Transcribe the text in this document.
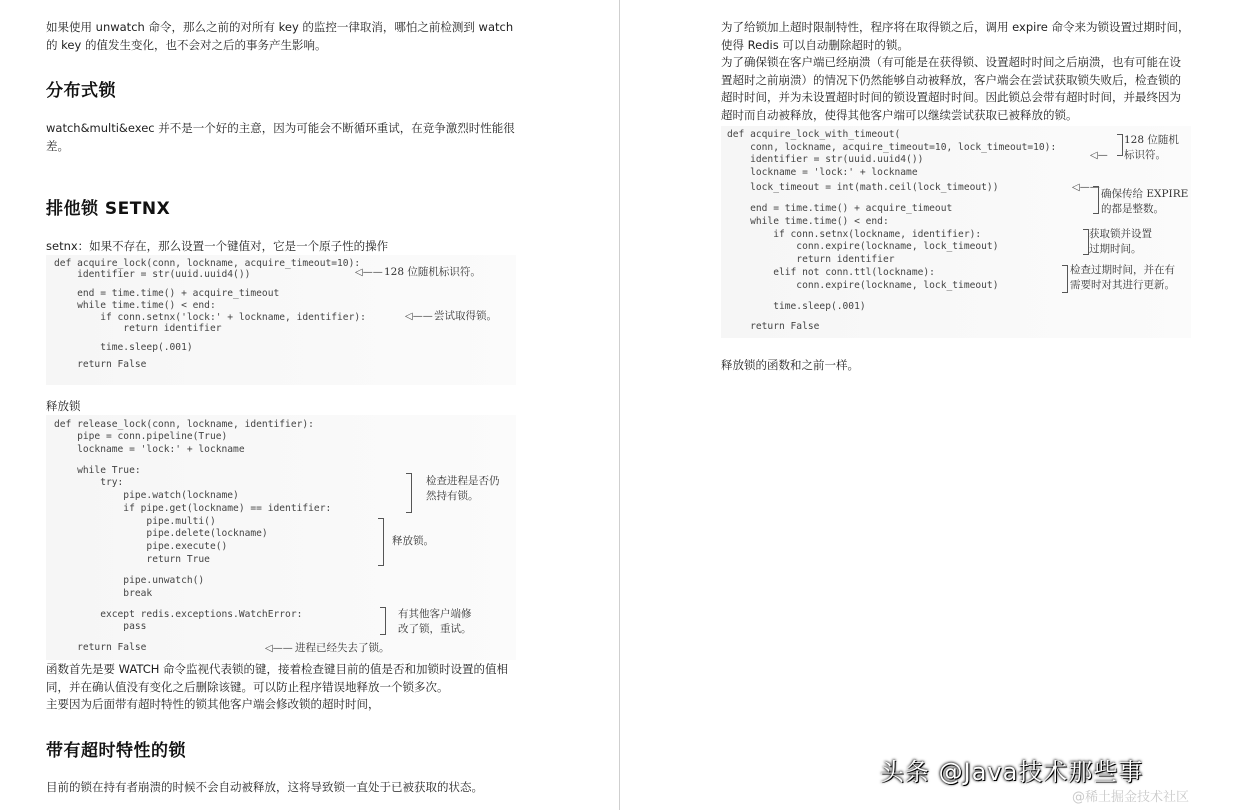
如果使用 unwatch 命令，那么之前的对所有 key 的监控一律取消，哪怕之前检测到 watch
的 key 的值发生变化，也不会对之后的事务产生影响。
分布式锁
watch&multi&exec 并不是一个好的主意，因为可能会不断循环重试，在竞争激烈时性能很
差。
排他锁 SETNX
setnx：如果不存在，那么设置一个键值对，它是一个原子性的操作

def acquire_lock(conn, lockname, acquire_timeout=10):

identifier = str(uuid.uuid4())

end = time.time() + acquire_timeout

while time.time() < end:

if conn.setnx('lock:' + lockname, identifier):

return identifier

time.sleep(.001)

return False

◁—— 128 位随机标识符。
◁—— 尝试取得锁。
释放锁

def release_lock(conn, lockname, identifier):

pipe = conn.pipeline(True)

lockname = 'lock:' + lockname

while True:

try:

pipe.watch(lockname)

if pipe.get(lockname) == identifier:

pipe.multi()

pipe.delete(lockname)

pipe.execute()

return True

pipe.unwatch()

break

except redis.exceptions.WatchError:

pass

return False

检查进程是否仍
然持有锁。
释放锁。
有其他客户端修
改了锁，重试。
◁—— 进程已经失去了锁。
函数首先是要 WATCH 命令监视代表锁的键，接着检查键目前的值是否和加锁时设置的值相
同，并在确认值没有变化之后删除该键。可以防止程序错误地释放一个锁多次。
主要因为后面带有超时特性的锁其他客户端会修改锁的超时时间，
带有超时特性的锁
目前的锁在持有者崩溃的时候不会自动被释放，这将导致锁一直处于已被获取的状态。
为了给锁加上超时限制特性，程序将在取得锁之后，调用 expire 命令来为锁设置过期时间，
使得 Redis 可以自动删除超时的锁。
为了确保锁在客户端已经崩溃（有可能是在获得锁、设置超时时间之后崩溃，也有可能在设
置超时之前崩溃）的情况下仍然能够自动被释放，客户端会在尝试获取锁失败后，检查锁的
超时时间，并为未设置超时时间的锁设置超时时间。因此锁总会带有超时时间，并最终因为
超时而自动被释放，使得其他客户端可以继续尝试获取已被释放的锁。

def acquire_lock_with_timeout(

conn, lockname, acquire_timeout=10, lock_timeout=10):

identifier = str(uuid.uuid4())

lockname = 'lock:' + lockname

lock_timeout = int(math.ceil(lock_timeout))

end = time.time() + acquire_timeout

while time.time() < end:

if conn.setnx(lockname, identifier):

conn.expire(lockname, lock_timeout)

return identifier

elif not conn.ttl(lockname):

conn.expire(lockname, lock_timeout)

time.sleep(.001)

return False

◁—
128 位随机
标识符。
◁——
确保传给 EXPIRE
的都是整数。
获取锁并设置
过期时间。
检查过期时间，并在有
需要时对其进行更新。
释放锁的函数和之前一样。
头条 @Java技术那些事
@稀土掘金技术社区
